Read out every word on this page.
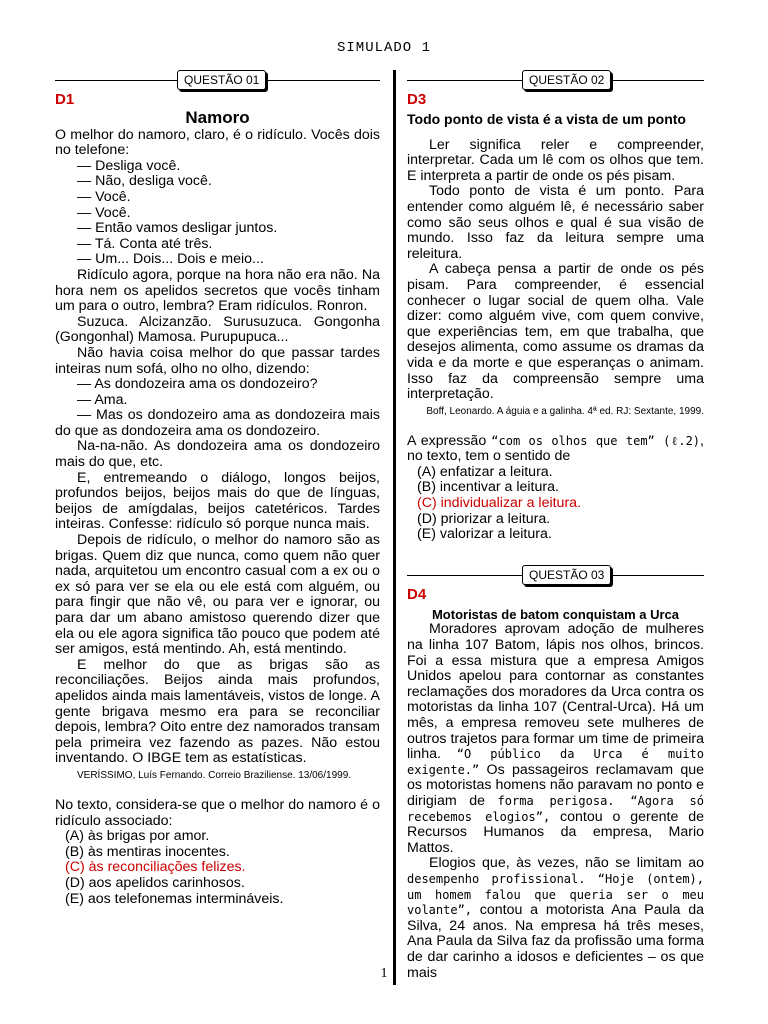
SIMULADO 1
QUESTÃO 01
D1
Namoro

O melhor do namoro, claro, é o ridículo. Vocês dois no telefone:

— Desliga você.

— Não, desliga você.

— Você.

— Você.

— Então vamos desligar juntos.

— Tá. Conta até três.

— Um... Dois... Dois e meio...

Ridículo agora, porque na hora não era não. Na hora nem os apelidos secretos que vocês tinham um para o outro, lembra? Eram ridículos. Ronron.

Suzuca. Alcizanzão. Surusuzuca. Gongonha (Gongonhal) Mamosa. Purupupuca...

Não havia coisa melhor do que passar tardes inteiras num sofá, olho no olho, dizendo:

— As dondozeira ama os dondozeiro?

— Ama.

— Mas os dondozeiro ama as dondozeira mais do que as dondozeira ama os dondozeiro.

Na-na-não. As dondozeira ama os dondozeiro mais do que, etc.

E, entremeando o diálogo, longos beijos, profundos beijos, beijos mais do que de línguas, beijos de amígdalas, beijos catetéricos. Tardes inteiras. Confesse: ridículo só porque nunca mais.

Depois de ridículo, o melhor do namoro são as brigas. Quem diz que nunca, como quem não quer nada, arquitetou um encontro casual com a ex ou o ex só para ver se ela ou ele está com alguém, ou para fingir que não vê, ou para ver e ignorar, ou para dar um abano amistoso querendo dizer que ela ou ele agora significa tão pouco que podem até ser amigos, está mentindo. Ah, está mentindo.

E melhor do que as brigas são as reconciliações. Beijos ainda mais profundos, apelidos ainda mais lamentáveis, vistos de longe. A gente brigava mesmo era para se reconciliar depois, lembra? Oito entre dez namorados transam pela primeira vez fazendo as pazes. Não estou inventando. O IBGE tem as estatísticas.

VERÍSSIMO, Luís Fernando. Correio Braziliense. 13/06/1999.

No texto, considera-se que o melhor do namoro é o ridículo associado:

(A) às brigas por amor.
(B) às mentiras inocentes.
(C) às reconciliações felizes.
(D) aos apelidos carinhosos.
(E) aos telefonemas intermináveis.
QUESTÃO 02
D3
Todo ponto de vista é a vista de um ponto

Ler significa reler e compreender, interpretar. Cada um lê com os olhos que tem. E interpreta a partir de onde os pés pisam.

Todo ponto de vista é um ponto. Para entender como alguém lê, é necessário saber como são seus olhos e qual é sua visão de mundo. Isso faz da leitura sempre uma releitura.

A cabeça pensa a partir de onde os pés pisam. Para compreender, é essencial conhecer o lugar social de quem olha. Vale dizer: como alguém vive, com quem convive, que experiências tem, em que trabalha, que desejos alimenta, como assume os dramas da vida e da morte e que esperanças o animam. Isso faz da compreensão sempre uma interpretação.

Boff, Leonardo. A águia e a galinha. 4ª ed. RJ: Sextante, 1999.

A expressão “com os olhos que tem” (ℓ.2), no texto, tem o sentido de

(A) enfatizar a leitura.
(B) incentivar a leitura.
(C) individualizar a leitura.
(D) priorizar a leitura.
(E) valorizar a leitura.
QUESTÃO 03
D4
Motoristas de batom conquistam a Urca

Moradores aprovam adoção de mulheres na linha 107 Batom, lápis nos olhos, brincos. Foi a essa mistura que a empresa Amigos Unidos apelou para contornar as constantes reclamações dos moradores da Urca contra os motoristas da linha 107 (Central-Urca). Há um mês, a empresa removeu sete mulheres de outros trajetos para formar um time de primeira linha. “O público da Urca é muito exigente.” Os passageiros reclamavam que os motoristas homens não paravam no ponto e dirigiam de forma perigosa. “Agora só recebemos elogios”, contou o gerente de Recursos Humanos da empresa, Mario Mattos.

Elogios que, às vezes, não se limitam ao desempenho profissional. “Hoje (ontem), um homem falou que queria ser o meu volante”, contou a motorista Ana Paula da Silva, 24 anos. Na empresa há três meses, Ana Paula da Silva faz da profissão uma forma de dar carinho a idosos e deficientes – os que mais

1
